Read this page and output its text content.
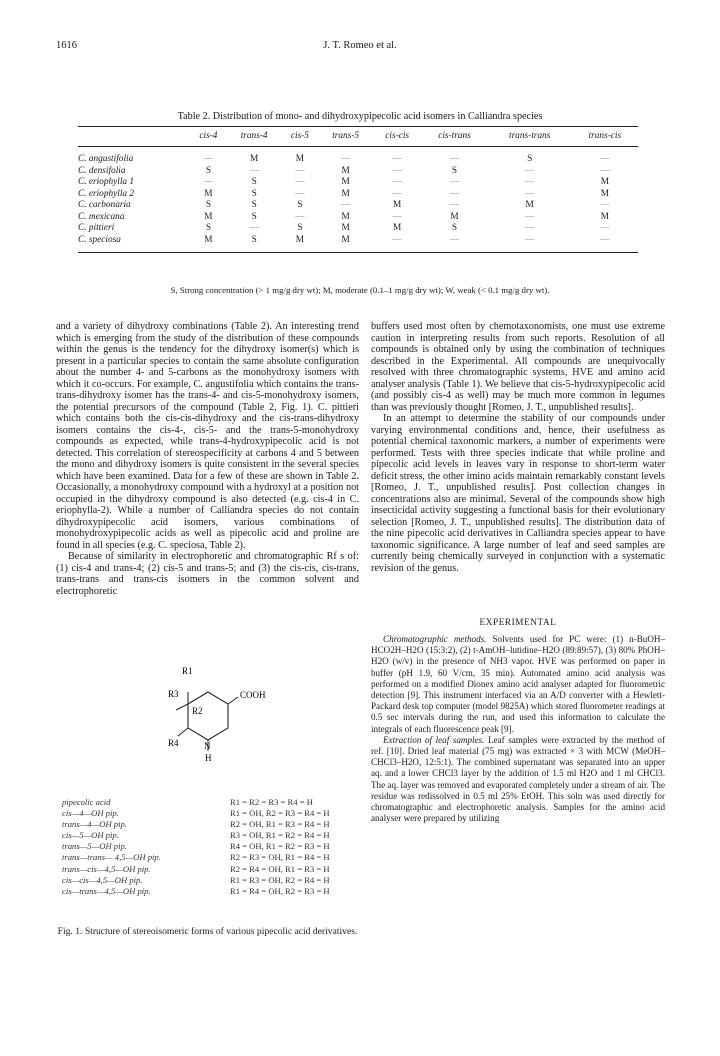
1616	J. T. Romeo et al.
Table 2. Distribution of mono- and dihydroxypipecolic acid isomers in Calliandra species
	cis-4	trans-4	cis-5	trans-5	cis-cis	cis-trans	trans-trans	trans-cis
C. angustifolia	—	M	M	—	—	—	S	—
C. densifolia	S	—	—	M	—	S	—	—
C. eriophylla 1	—	S	—	M	—	—	—	M
C. eriophylla 2	M	S	—	M	—	—	—	M
C. carbonaria	S	S	S	—	M	—	M	—
C. mexicana	M	S	—	M	—	M	—	M
C. pittieri	S	—	S	M	M	S	—	—
C. speciosa	M	S	M	M	—	—	—	—
S, Strong concentration (> 1 mg/g dry wt); M, moderate (0.1–1 mg/g dry wt); W, weak (< 0.1 mg/g dry wt).

and a variety of dihydroxy combinations (Table 2). An interesting trend which is emerging from the study of the distribution of these compounds within the genus is the tendency for the dihydroxy isomer(s) which is present in a particular species to contain the same absolute configuration about the number 4- and 5-carbons as the monohydroxy isomers with which it co-occurs. For example, C. angustifolia which contains the trans-trans-dihydroxy isomer has the trans-4- and cis-5-monohydroxy isomers, the potential precursors of the compound (Table 2, Fig. 1). C. pittieri which contains both the cis-cis-dihydroxy and the cis-trans-dihydroxy isomers contains the cis-4-, cis-5- and the trans-5-monohydroxy compounds as expected, while trans-4-hydroxypipecolic acid is not detected. This correlation of stereospecificity at carbons 4 and 5 between the mono and dihydroxy isomers is quite consistent in the several species which have been examined. Data for a few of these are shown in Table 2. Occasionally, a monohydroxy compound with a hydroxyl at a position not occupied in the dihydroxy compound is also detected (e.g. cis-4 in C. eriophylla-2). While a number of Calliandra species do not contain dihydroxypipecolic acid isomers, various combinations of monohydroxypipecolic acids as well as pipecolic acid and proline are found in all species (e.g. C. speciosa, Table 2).

Because of similarity in electrophoretic and chromatographic Rf s of: (1) cis-4 and trans-4; (2) cis-5 and trans-5; and (3) the cis-cis, cis-trans, trans-trans and trans-cis isomers in the common solvent and electrophoretic

buffers used most often by chemotaxonomists, one must use extreme caution in interpreting results from such reports. Resolution of all compounds is obtained only by using the combination of techniques described in the Experimental. All compounds are unequivocally resolved with three chromatographic systems, HVE and amino acid analyser analysis (Table 1). We believe that cis-5-hydroxypipecolic acid (and possibly cis-4 as well) may be much more common in legumes than was previously thought [Romeo, J. T., unpublished results].

In an attempt to determine the stability of our compounds under varying environmental conditions and, hence, their usefulness as potential chemical taxonomic markers, a number of experiments were performed. Tests with three species indicate that while proline and pipecolic acid levels in leaves vary in response to short-term water deficit stress, the other imino acids maintain remarkably constant levels [Romeo, J. T., unpublished results]. Post collection changes in concentrations also are minimal. Several of the compounds show high insecticidal activity suggesting a functional basis for their evolutionary selection [Romeo, J. T., unpublished results]. The distribution data of the nine pipecolic acid derivatives in Calliandra species appear to have taxonomic significance. A large number of leaf and seed samples are currently being chemically surveyed in conjunction with a systematic revision of the genus.

R1
R3	COOH
R2
R4	N
H
pipecolic acid	R1 = R2 = R3 = R4 = H
cis—4—OH pip.	R1 = OH, R2 = R3 = R4 = H
trans—4—OH pip.	R2 = OH, R1 = R3 = R4 = H
cis—5—OH pip.	R3 = OH, R1 = R2 = R4 = H
trans—5—OH pip.	R4 = OH, R1 = R2 = R3 = H
trans—trans— 4,5—OH pip.	R2 = R3 = OH, R1 = R4 = H
trans—cis—4,5—OH pip.	R2 = R4 = OH, R1 = R3 = H
cis—cis—4,5—OH pip.	R1 = R3 = OH, R2 = R4 = H
cis—trans—4,5—OH pip.	R1 = R4 = OH, R2 = R3 = H
Fig. 1. Structure of stereoisomeric forms of various pipecolic acid derivatives.
EXPERIMENTAL

Chromatographic methods. Solvents used for PC were: (1) n-BuOH–HCO2H–H2O (15:3:2), (2) t-AmOH–lutidine–H2O (89:89:57), (3) 80% PhOH–H2O (w/v) in the presence of NH3 vapor. HVE was performed on paper in buffer (pH 1.9, 60 V/cm, 35 min). Automated amino acid analysis was performed on a modified Dionex amino acid analyser adapted for fluorometric detection [9]. This instrument interfaced via an A/D converter with a Hewlett-Packard desk top computer (model 9825A) which stored fluorometer readings at 0.5 sec intervals during the run, and used this information to calculate the integrals of each fluorescence peak [9].

Extraction of leaf samples. Leaf samples were extracted by the method of ref. [10]. Dried leaf material (75 mg) was extracted × 3 with MCW (MeOH–CHCl3–H2O, 12:5:1). The combined supernatant was separated into an upper aq. and a lower CHCl3 layer by the addition of 1.5 ml H2O and 1 ml CHCl3. The aq. layer was removed and evaporated completely under a stream of air. The residue was redissolved in 0.5 ml 25% EtOH. This soln was used directly for chromatographic and electrophoretic analysis. Samples for the amino acid analyser were prepared by utilizing
